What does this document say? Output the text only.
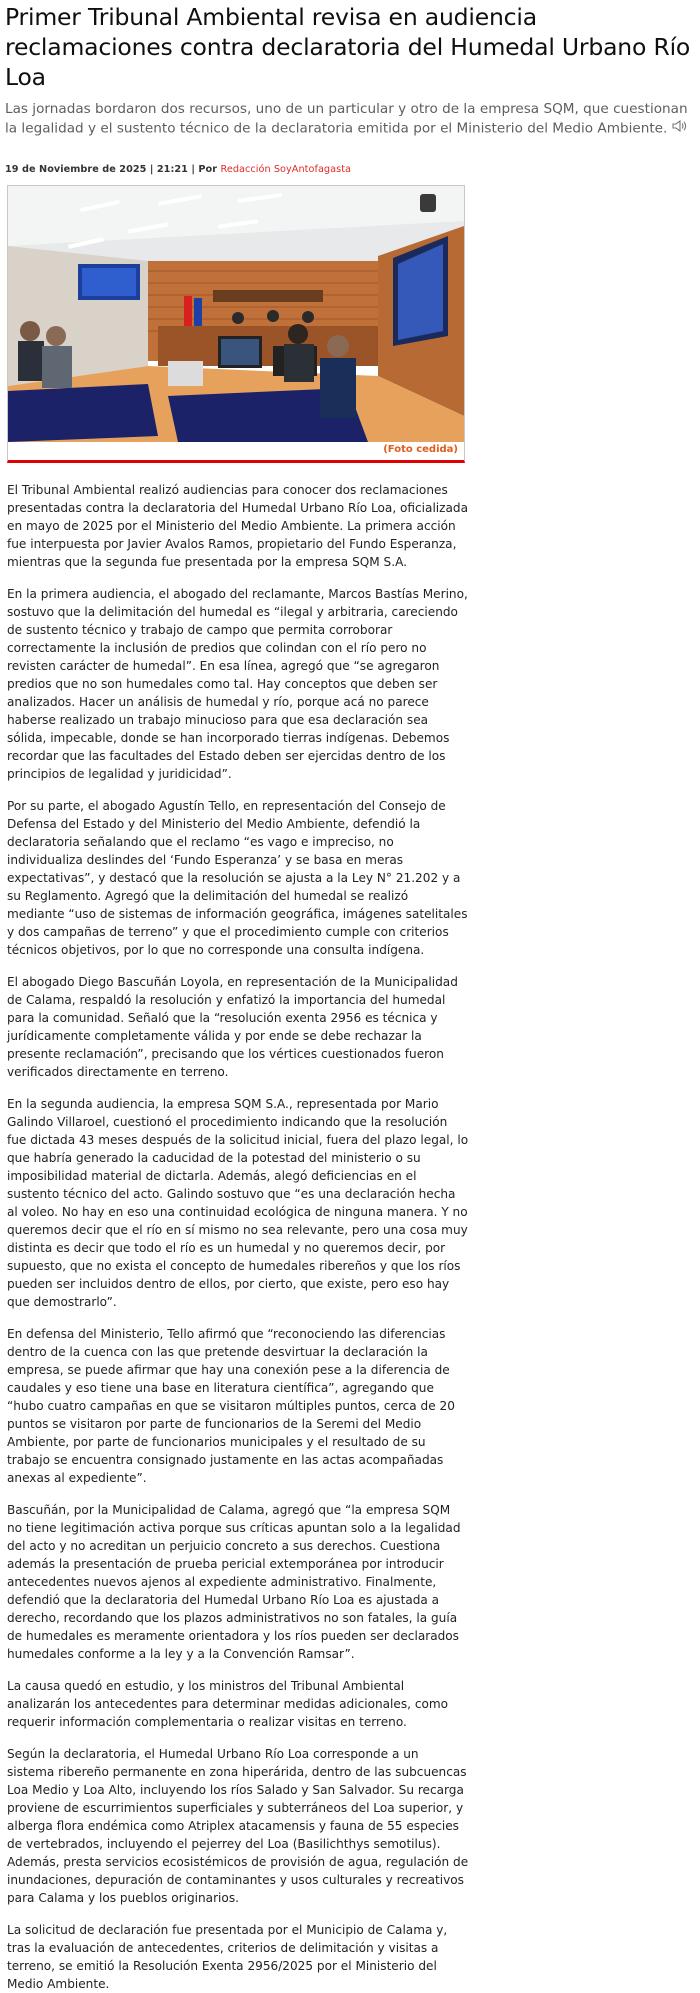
Primer Tribunal Ambiental revisa en audiencia reclamaciones contra declaratoria del Humedal Urbano Río Loa

Las jornadas bordaron dos recursos, uno de un particular y otro de la empresa SQM, que cuestionan la legalidad y el sustento técnico de la declaratoria emitida por el Ministerio del Medio Ambiente.

19 de Noviembre de 2025 | 21:21 | Por Redacción SoyAntofagasta
(Foto cedida)

El Tribunal Ambiental realizó audiencias para conocer dos reclamaciones presentadas contra la declaratoria del Humedal Urbano Río Loa, oficializada en mayo de 2025 por el Ministerio del Medio Ambiente. La primera acción fue interpuesta por Javier Avalos Ramos, propietario del Fundo Esperanza, mientras que la segunda fue presentada por la empresa SQM S.A.

En la primera audiencia, el abogado del reclamante, Marcos Bastías Merino, sostuvo que la delimitación del humedal es “ilegal y arbitraria, careciendo de sustento técnico y trabajo de campo que permita corroborar correctamente la inclusión de predios que colindan con el río pero no revisten carácter de humedal”. En esa línea, agregó que “se agregaron predios que no son humedales como tal. Hay conceptos que deben ser analizados. Hacer un análisis de humedal y río, porque acá no parece haberse realizado un trabajo minucioso para que esa declaración sea sólida, impecable, donde se han incorporado tierras indígenas. Debemos recordar que las facultades del Estado deben ser ejercidas dentro de los principios de legalidad y juridicidad”.

Por su parte, el abogado Agustín Tello, en representación del Consejo de Defensa del Estado y del Ministerio del Medio Ambiente, defendió la declaratoria señalando que el reclamo “es vago e impreciso, no individualiza deslindes del ‘Fundo Esperanza’ y se basa en meras expectativas”, y destacó que la resolución se ajusta a la Ley N° 21.202 y a su Reglamento. Agregó que la delimitación del humedal se realizó mediante “uso de sistemas de información geográfica, imágenes satelitales y dos campañas de terreno” y que el procedimiento cumple con criterios técnicos objetivos, por lo que no corresponde una consulta indígena.

El abogado Diego Bascuñán Loyola, en representación de la Municipalidad de Calama, respaldó la resolución y enfatizó la importancia del humedal para la comunidad. Señaló que la “resolución exenta 2956 es técnica y jurídicamente completamente válida y por ende se debe rechazar la presente reclamación”, precisando que los vértices cuestionados fueron verificados directamente en terreno.

En la segunda audiencia, la empresa SQM S.A., representada por Mario Galindo Villaroel, cuestionó el procedimiento indicando que la resolución fue dictada 43 meses después de la solicitud inicial, fuera del plazo legal, lo que habría generado la caducidad de la potestad del ministerio o su imposibilidad material de dictarla. Además, alegó deficiencias en el sustento técnico del acto. Galindo sostuvo que “es una declaración hecha al voleo. No hay en eso una continuidad ecológica de ninguna manera. Y no queremos decir que el río en sí mismo no sea relevante, pero una cosa muy distinta es decir que todo el río es un humedal y no queremos decir, por supuesto, que no exista el concepto de humedales ribereños y que los ríos pueden ser incluidos dentro de ellos, por cierto, que existe, pero eso hay que demostrarlo”.

En defensa del Ministerio, Tello afirmó que “reconociendo las diferencias dentro de la cuenca con las que pretende desvirtuar la declaración la empresa, se puede afirmar que hay una conexión pese a la diferencia de caudales y eso tiene una base en literatura científica”, agregando que “hubo cuatro campañas en que se visitaron múltiples puntos, cerca de 20 puntos se visitaron por parte de funcionarios de la Seremi del Medio Ambiente, por parte de funcionarios municipales y el resultado de su trabajo se encuentra consignado justamente en las actas acompañadas anexas al expediente”.

Bascuñán, por la Municipalidad de Calama, agregó que “la empresa SQM no tiene legitimación activa porque sus críticas apuntan solo a la legalidad del acto y no acreditan un perjuicio concreto a sus derechos. Cuestiona además la presentación de prueba pericial extemporánea por introducir antecedentes nuevos ajenos al expediente administrativo. Finalmente, defendió que la declaratoria del Humedal Urbano Río Loa es ajustada a derecho, recordando que los plazos administrativos no son fatales, la guía de humedales es meramente orientadora y los ríos pueden ser declarados humedales conforme a la ley y a la Convención Ramsar”.

La causa quedó en estudio, y los ministros del Tribunal Ambiental analizarán los antecedentes para determinar medidas adicionales, como requerir información complementaria o realizar visitas en terreno.

Según la declaratoria, el Humedal Urbano Río Loa corresponde a un sistema ribereño permanente en zona hiperárida, dentro de las subcuencas Loa Medio y Loa Alto, incluyendo los ríos Salado y San Salvador. Su recarga proviene de escurrimientos superficiales y subterráneos del Loa superior, y alberga flora endémica como Atriplex atacamensis y fauna de 55 especies de vertebrados, incluyendo el pejerrey del Loa (Basilichthys semotilus). Además, presta servicios ecosistémicos de provisión de agua, regulación de inundaciones, depuración de contaminantes y usos culturales y recreativos para Calama y los pueblos originarios.

La solicitud de declaración fue presentada por el Municipio de Calama y, tras la evaluación de antecedentes, criterios de delimitación y visitas a terreno, se emitió la Resolución Exenta 2956/2025 por el Ministerio del Medio Ambiente.
